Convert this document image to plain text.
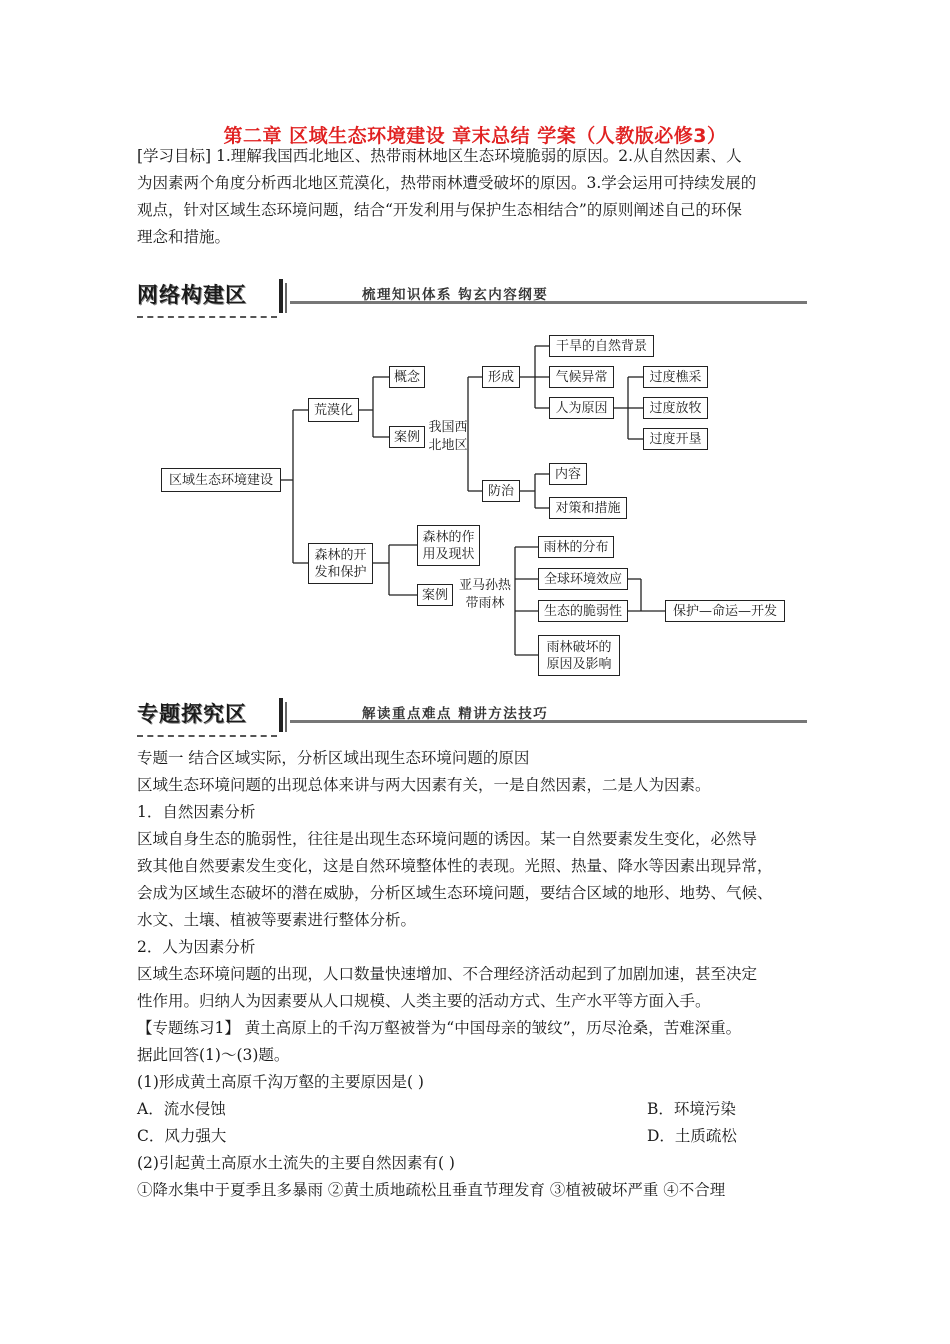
第二章 区域生态环境建设 章末总结 学案（人教版必修3）
[学习目标] 1.理解我国西北地区、热带雨林地区生态环境脆弱的原因。2.从自然因素、人
为因素两个角度分析西北地区荒漠化，热带雨林遭受破坏的原因。3.学会运用可持续发展的
观点，针对区域生态环境问题，结合“开发利用与保护生态相结合”的原则阐述自己的环保
理念和措施。
网络构建区	梳理知识体系 钩玄内容纲要
区域生态环境建设
荒漠化
概念
案例
我国西
北地区
形成
干旱的自然背景
气候异常
人为原因
过度樵采
过度放牧
过度开垦
防治
内容
对策和措施
森林的开
发和保护
森林的作
用及现状
案例
亚马孙热
带雨林
雨林的分布
全球环境效应
生态的脆弱性
雨林破坏的
原因及影响
保护—命运—开发
专题探究区	解读重点难点 精讲方法技巧
专题一 结合区域实际，分析区域出现生态环境问题的原因
区域生态环境问题的出现总体来讲与两大因素有关，一是自然因素，二是人为因素。
1．自然因素分析
区域自身生态的脆弱性，往往是出现生态环境问题的诱因。某一自然要素发生变化，必然导
致其他自然要素发生变化，这是自然环境整体性的表现。光照、热量、降水等因素出现异常，
会成为区域生态破坏的潜在威胁，分析区域生态环境问题，要结合区域的地形、地势、气候、
水文、土壤、植被等要素进行整体分析。
2．人为因素分析
区域生态环境问题的出现，人口数量快速增加、不合理经济活动起到了加剧加速，甚至决定
性作用。归纳人为因素要从人口规模、人类主要的活动方式、生产水平等方面入手。
【专题练习1】 黄土高原上的千沟万壑被誉为“中国母亲的皱纹”，历尽沧桑，苦难深重。
据此回答(1)～(3)题。
(1)形成黄土高原千沟万壑的主要原因是( )
A．流水侵蚀	B．环境污染
C．风力强大	D．土质疏松
(2)引起黄土高原水土流失的主要自然因素有( )
①降水集中于夏季且多暴雨 ②黄土质地疏松且垂直节理发育 ③植被破坏严重 ④不合理
